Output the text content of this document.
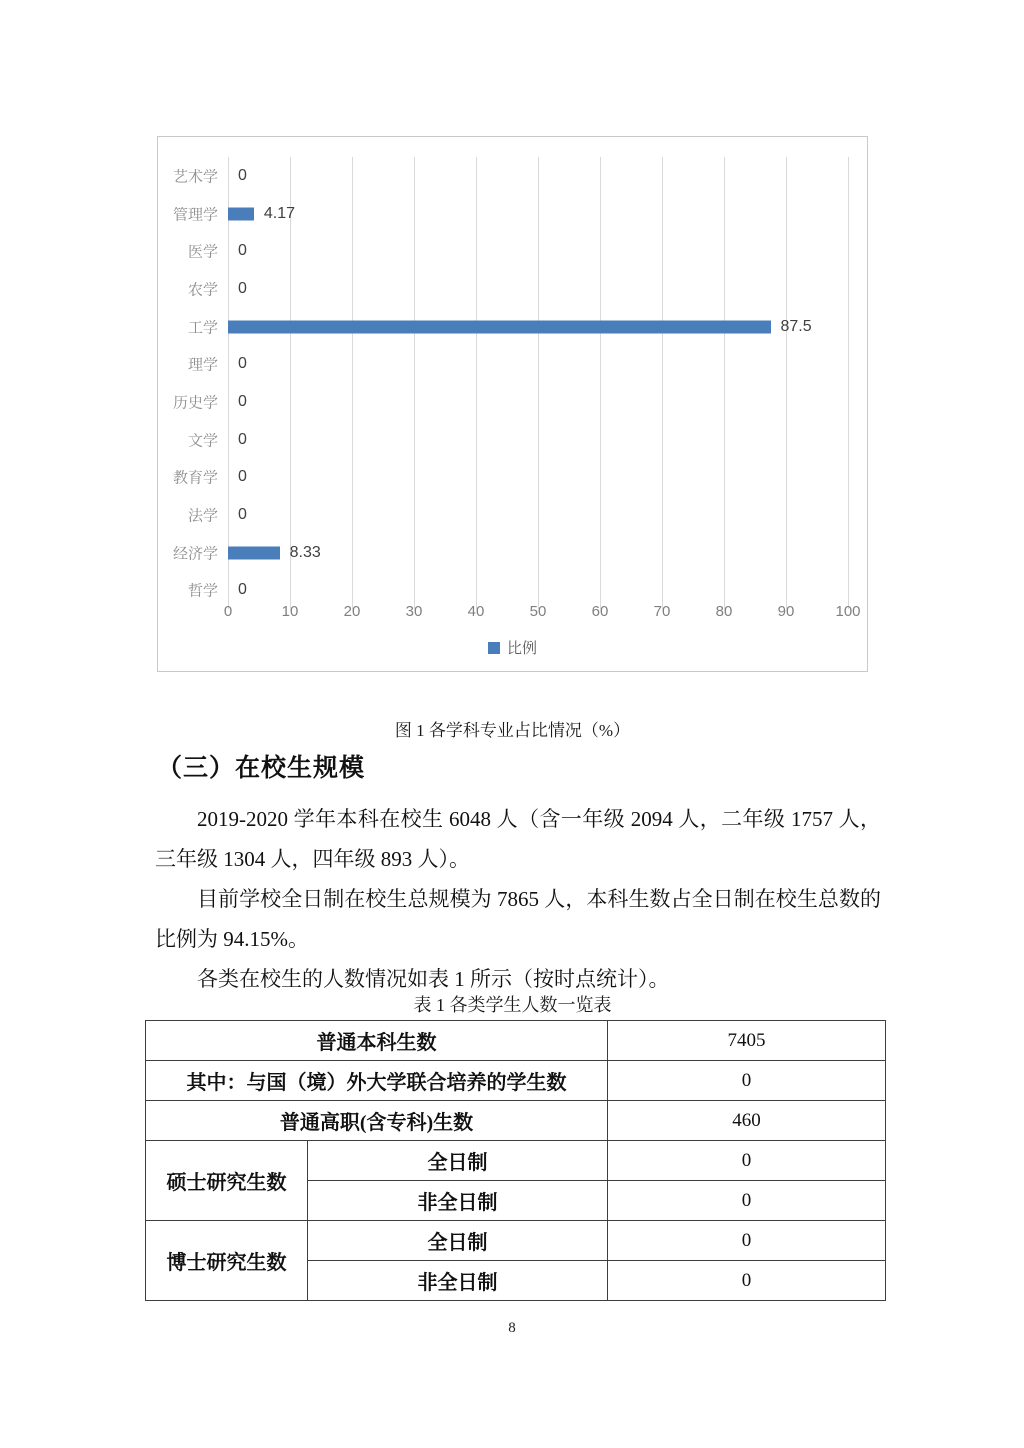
艺术学 0
管理学	4.17
医学 0
农学 0
工学	87.5
理学 0
历史学 0
文学 0
教育学 0
法学 0
经济学	8.33
哲学 0
0	10	20	30	40	50	60	70	80	90	100
比例

图 1 各学科专业占比情况（%）

（三）在校生规模

2019-2020 学年本科在校生 6048 人（含一年级 2094 人，二年级 1757 人，三年级 1304 人，四年级 893 人）。

目前学校全日制在校生总规模为 7865 人，本科生数占全日制在校生总数的比例为 94.15%。

各类在校生的人数情况如表 1 所示（按时点统计）。

表 1 各类学生人数一览表

普通本科生数		7405
其中：与国（境）外大学联合培养的学生数		0
普通高职(含专科)生数		460
硕士研究生数	全日制	0
	非全日制	0
博士研究生数	全日制	0
	非全日制	0
8
